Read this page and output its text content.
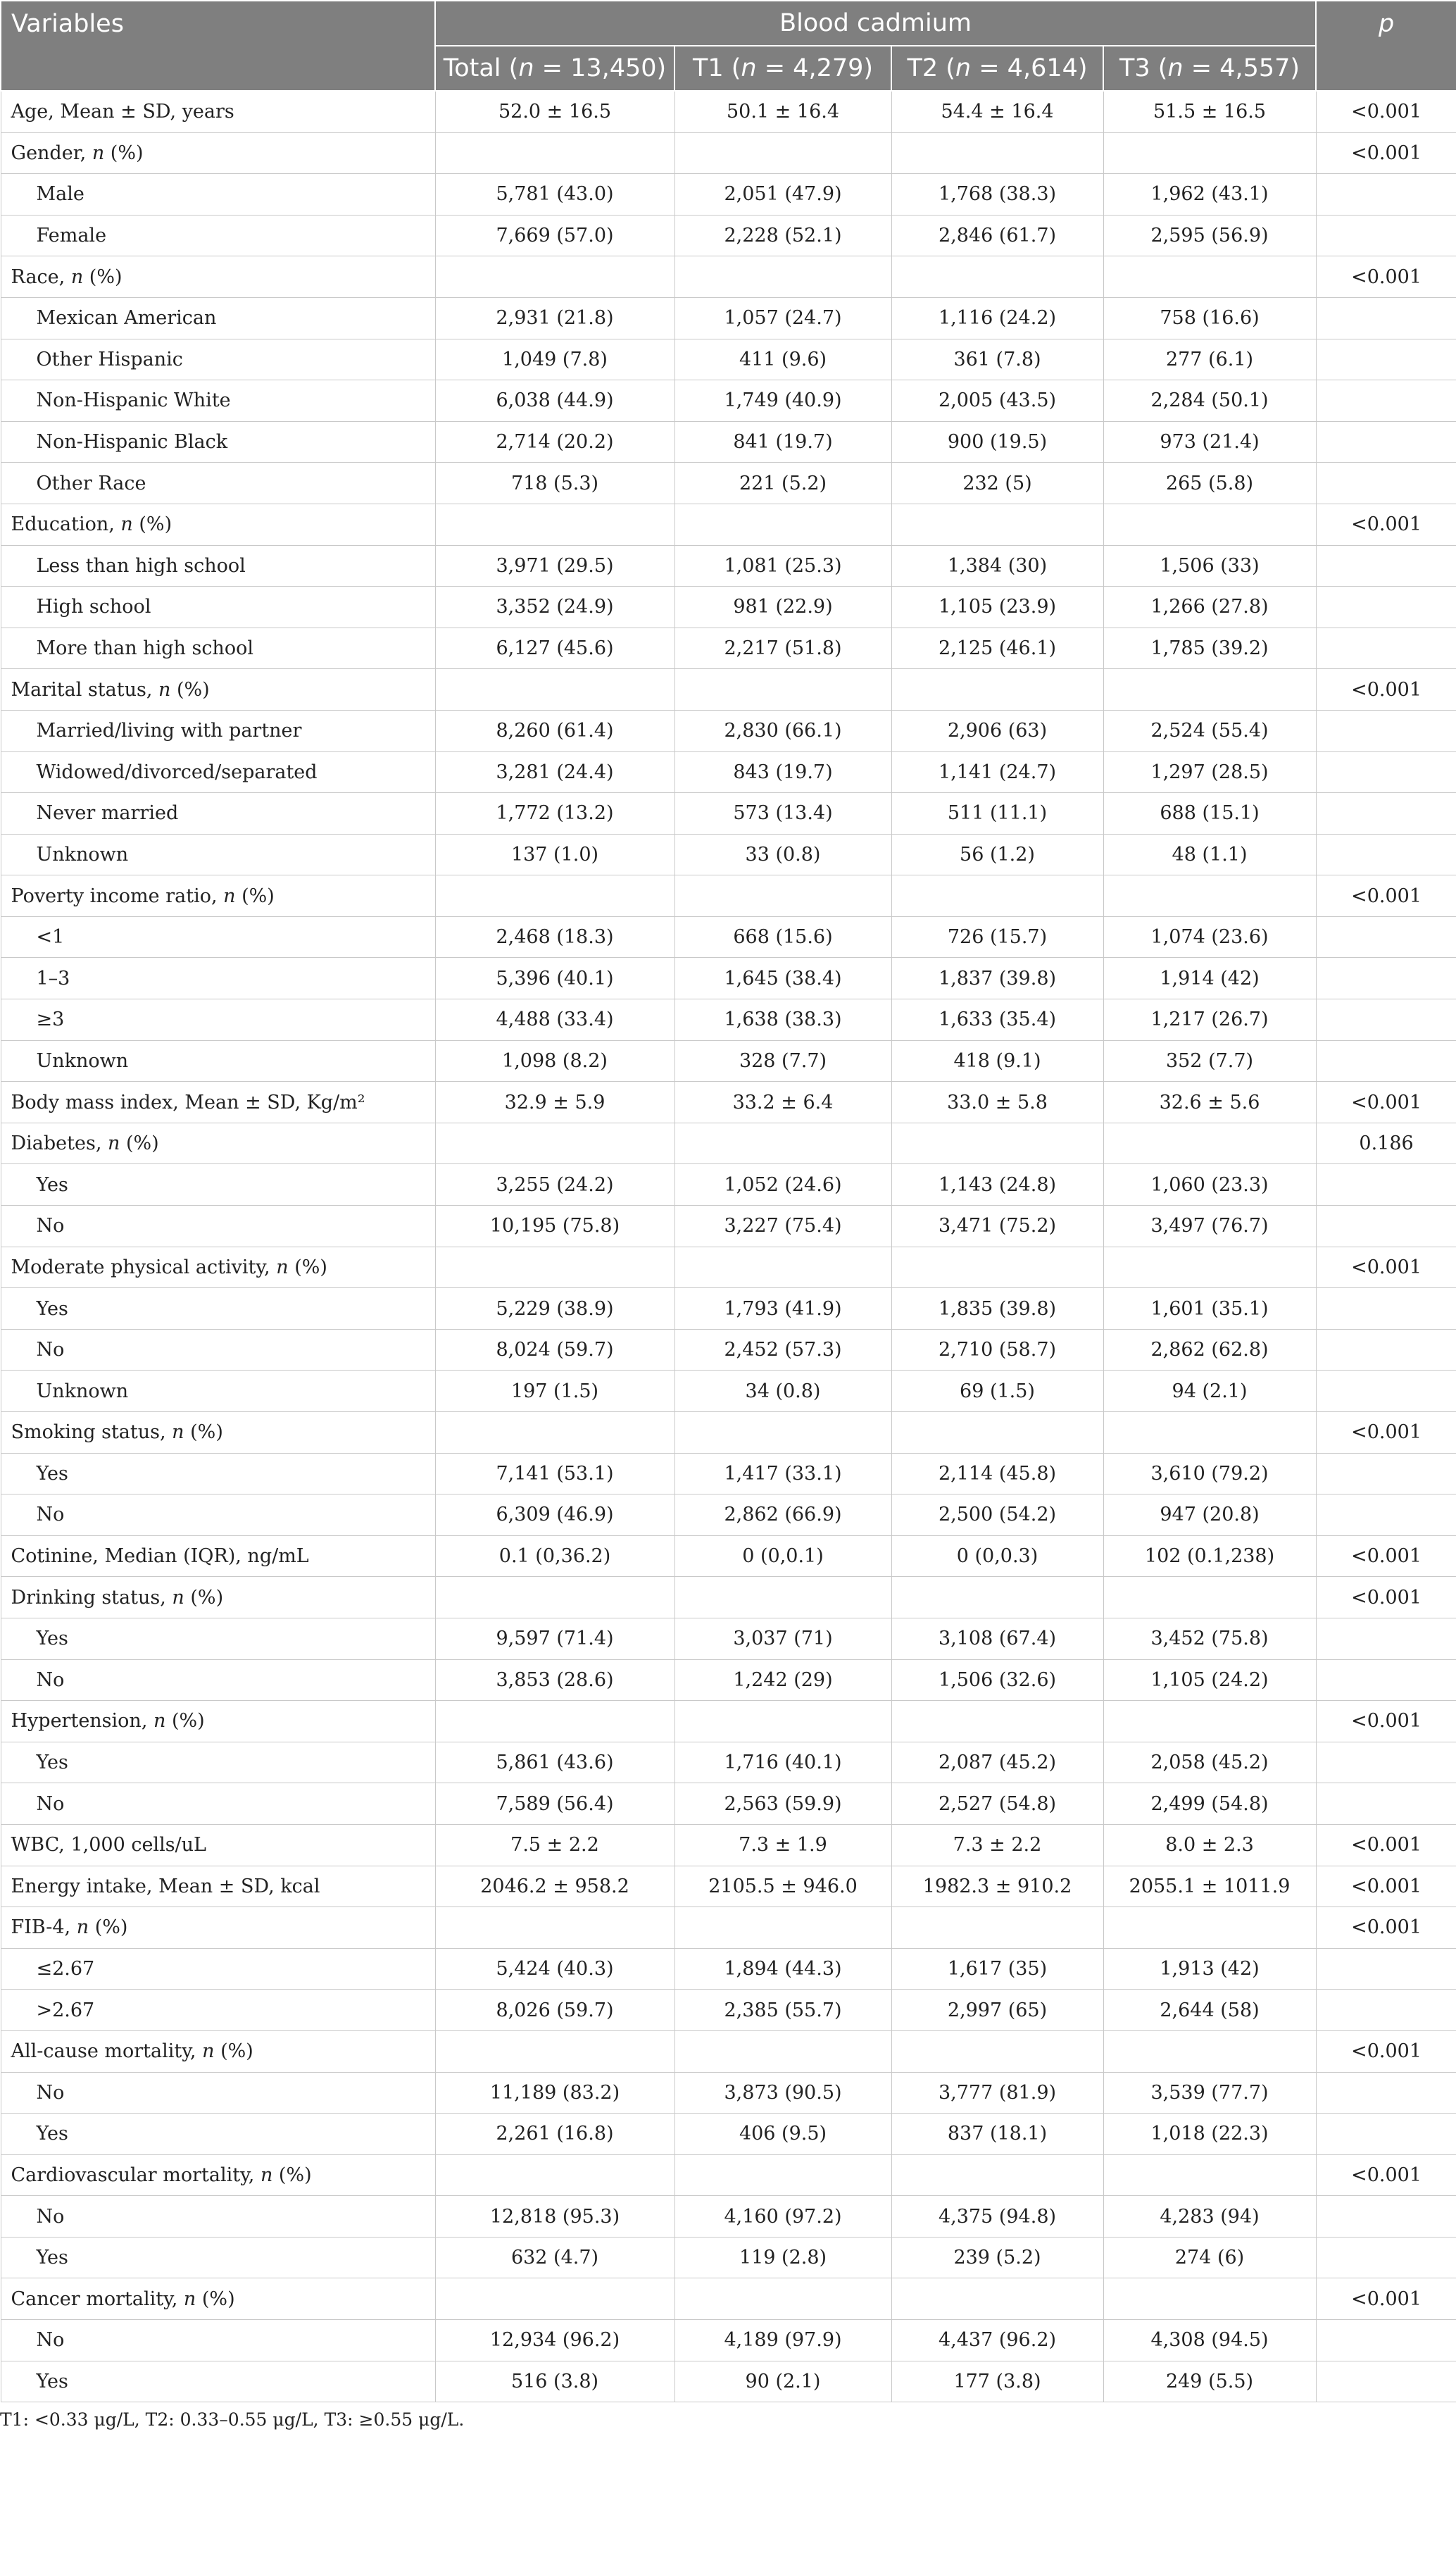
Variables	Blood cadmium				p
	Total (n = 13,450)	T1 (n = 4,279)	T2 (n = 4,614)	T3 (n = 4,557)	
Age, Mean ± SD, years	52.0 ± 16.5	50.1 ± 16.4	54.4 ± 16.4	51.5 ± 16.5	<0.001
Gender, n (%)					<0.001
Male	5,781 (43.0)	2,051 (47.9)	1,768 (38.3)	1,962 (43.1)	
Female	7,669 (57.0)	2,228 (52.1)	2,846 (61.7)	2,595 (56.9)	
Race, n (%)					<0.001
Mexican American	2,931 (21.8)	1,057 (24.7)	1,116 (24.2)	758 (16.6)	
Other Hispanic	1,049 (7.8)	411 (9.6)	361 (7.8)	277 (6.1)	
Non-Hispanic White	6,038 (44.9)	1,749 (40.9)	2,005 (43.5)	2,284 (50.1)	
Non-Hispanic Black	2,714 (20.2)	841 (19.7)	900 (19.5)	973 (21.4)	
Other Race	718 (5.3)	221 (5.2)	232 (5)	265 (5.8)	
Education, n (%)					<0.001
Less than high school	3,971 (29.5)	1,081 (25.3)	1,384 (30)	1,506 (33)	
High school	3,352 (24.9)	981 (22.9)	1,105 (23.9)	1,266 (27.8)	
More than high school	6,127 (45.6)	2,217 (51.8)	2,125 (46.1)	1,785 (39.2)	
Marital status, n (%)					<0.001
Married/living with partner	8,260 (61.4)	2,830 (66.1)	2,906 (63)	2,524 (55.4)	
Widowed/divorced/separated	3,281 (24.4)	843 (19.7)	1,141 (24.7)	1,297 (28.5)	
Never married	1,772 (13.2)	573 (13.4)	511 (11.1)	688 (15.1)	
Unknown	137 (1.0)	33 (0.8)	56 (1.2)	48 (1.1)	
Poverty income ratio, n (%)					<0.001
<1	2,468 (18.3)	668 (15.6)	726 (15.7)	1,074 (23.6)	
1–3	5,396 (40.1)	1,645 (38.4)	1,837 (39.8)	1,914 (42)	
≥3	4,488 (33.4)	1,638 (38.3)	1,633 (35.4)	1,217 (26.7)	
Unknown	1,098 (8.2)	328 (7.7)	418 (9.1)	352 (7.7)	
Body mass index, Mean ± SD, Kg/m²	32.9 ± 5.9	33.2 ± 6.4	33.0 ± 5.8	32.6 ± 5.6	<0.001
Diabetes, n (%)					0.186
Yes	3,255 (24.2)	1,052 (24.6)	1,143 (24.8)	1,060 (23.3)	
No	10,195 (75.8)	3,227 (75.4)	3,471 (75.2)	3,497 (76.7)	
Moderate physical activity, n (%)					<0.001
Yes	5,229 (38.9)	1,793 (41.9)	1,835 (39.8)	1,601 (35.1)	
No	8,024 (59.7)	2,452 (57.3)	2,710 (58.7)	2,862 (62.8)	
Unknown	197 (1.5)	34 (0.8)	69 (1.5)	94 (2.1)	
Smoking status, n (%)					<0.001
Yes	7,141 (53.1)	1,417 (33.1)	2,114 (45.8)	3,610 (79.2)	
No	6,309 (46.9)	2,862 (66.9)	2,500 (54.2)	947 (20.8)	
Cotinine, Median (IQR), ng/mL	0.1 (0,36.2)	0 (0,0.1)	0 (0,0.3)	102 (0.1,238)	<0.001
Drinking status, n (%)					<0.001
Yes	9,597 (71.4)	3,037 (71)	3,108 (67.4)	3,452 (75.8)	
No	3,853 (28.6)	1,242 (29)	1,506 (32.6)	1,105 (24.2)	
Hypertension, n (%)					<0.001
Yes	5,861 (43.6)	1,716 (40.1)	2,087 (45.2)	2,058 (45.2)	
No	7,589 (56.4)	2,563 (59.9)	2,527 (54.8)	2,499 (54.8)	
WBC, 1,000 cells/uL	7.5 ± 2.2	7.3 ± 1.9	7.3 ± 2.2	8.0 ± 2.3	<0.001
Energy intake, Mean ± SD, kcal	2046.2 ± 958.2	2105.5 ± 946.0	1982.3 ± 910.2	2055.1 ± 1011.9	<0.001
FIB-4, n (%)					<0.001
≤2.67	5,424 (40.3)	1,894 (44.3)	1,617 (35)	1,913 (42)	
>2.67	8,026 (59.7)	2,385 (55.7)	2,997 (65)	2,644 (58)	
All-cause mortality, n (%)					<0.001
No	11,189 (83.2)	3,873 (90.5)	3,777 (81.9)	3,539 (77.7)	
Yes	2,261 (16.8)	406 (9.5)	837 (18.1)	1,018 (22.3)	
Cardiovascular mortality, n (%)					<0.001
No	12,818 (95.3)	4,160 (97.2)	4,375 (94.8)	4,283 (94)	
Yes	632 (4.7)	119 (2.8)	239 (5.2)	274 (6)	
Cancer mortality, n (%)					<0.001
No	12,934 (96.2)	4,189 (97.9)	4,437 (96.2)	4,308 (94.5)	
Yes	516 (3.8)	90 (2.1)	177 (3.8)	249 (5.5)	
T1: <0.33 μg/L, T2: 0.33–0.55 μg/L, T3: ≥0.55 μg/L.
